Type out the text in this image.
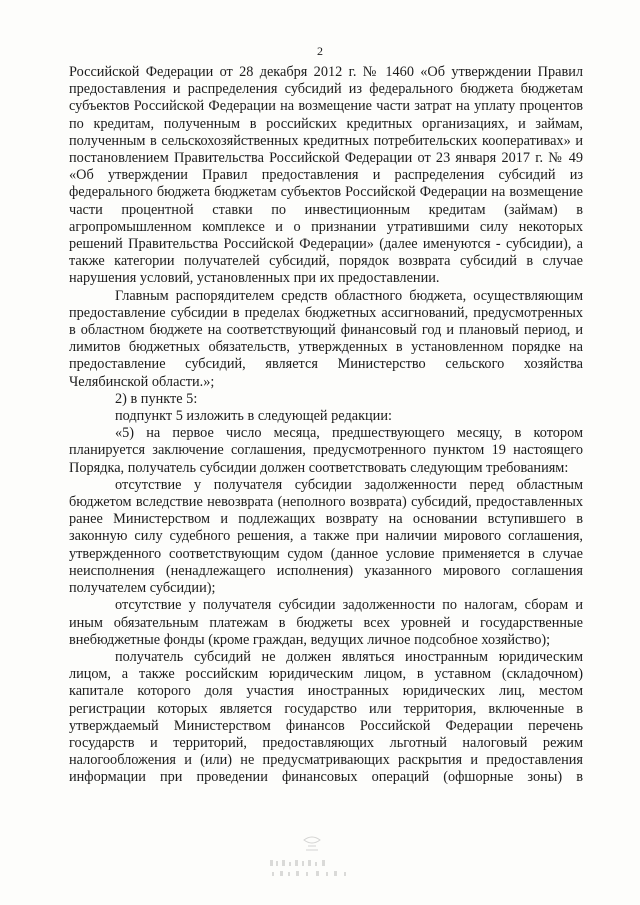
2

Российской Федерации от 28 декабря 2012 г. № 1460 «Об утверждении Правил предоставления и распределения субсидий из федерального бюджета бюджетам субъектов Российской Федерации на возмещение части затрат на уплату процентов по кредитам, полученным в российских кредитных организациях, и займам, полученным в сельскохозяйственных кредитных потребительских кооперативах» и постановлением Правительства Российской Федерации от 23 января 2017 г. № 49 «Об утверждении Правил предоставления и распределения субсидий из федерального бюджета бюджетам субъектов Российской Федерации на возмещение части процентной ставки по инвестиционным кредитам (займам) в агропромышленном комплексе и о признании утратившими силу некоторых решений Правительства Российской Федерации» (далее именуются - субсидии), а также категории получателей субсидий, порядок возврата субсидий в случае нарушения условий, установленных при их предоставлении.

Главным распорядителем средств областного бюджета, осуществляющим предоставление субсидии в пределах бюджетных ассигнований, предусмотренных в областном бюджете на соответствующий финансовый год и плановый период, и лимитов бюджетных обязательств, утвержденных в установленном порядке на предоставление субсидий, является Министерство сельского хозяйства Челябинской области.»;

2) в пункте 5:

подпункт 5 изложить в следующей редакции:

«5) на первое число месяца, предшествующего месяцу, в котором планируется заключение соглашения, предусмотренного пунктом 19 настоящего Порядка, получатель субсидии должен соответствовать следующим требованиям:

отсутствие у получателя субсидии задолженности перед областным бюджетом вследствие невозврата (неполного возврата) субсидий, предоставленных ранее Министерством и подлежащих возврату на основании вступившего в законную силу судебного решения, а также при наличии мирового соглашения, утвержденного соответствующим судом (данное условие применяется в случае неисполнения (ненадлежащего исполнения) указанного мирового соглашения получателем субсидии);

отсутствие у получателя субсидии задолженности по налогам, сборам и иным обязательным платежам в бюджеты всех уровней и государственные внебюджетные фонды (кроме граждан, ведущих личное подсобное хозяйство);

получатель субсидий не должен являться иностранным юридическим лицом, а также российским юридическим лицом, в уставном (складочном) капитале которого доля участия иностранных юридических лиц, местом регистрации которых является государство или территория, включенные в утверждаемый Министерством финансов Российской Федерации перечень государств и территорий, предоставляющих льготный налоговый режим налогообложения и (или) не предусматривающих раскрытия и предоставления информации при проведении финансовых операций (офшорные зоны) в
